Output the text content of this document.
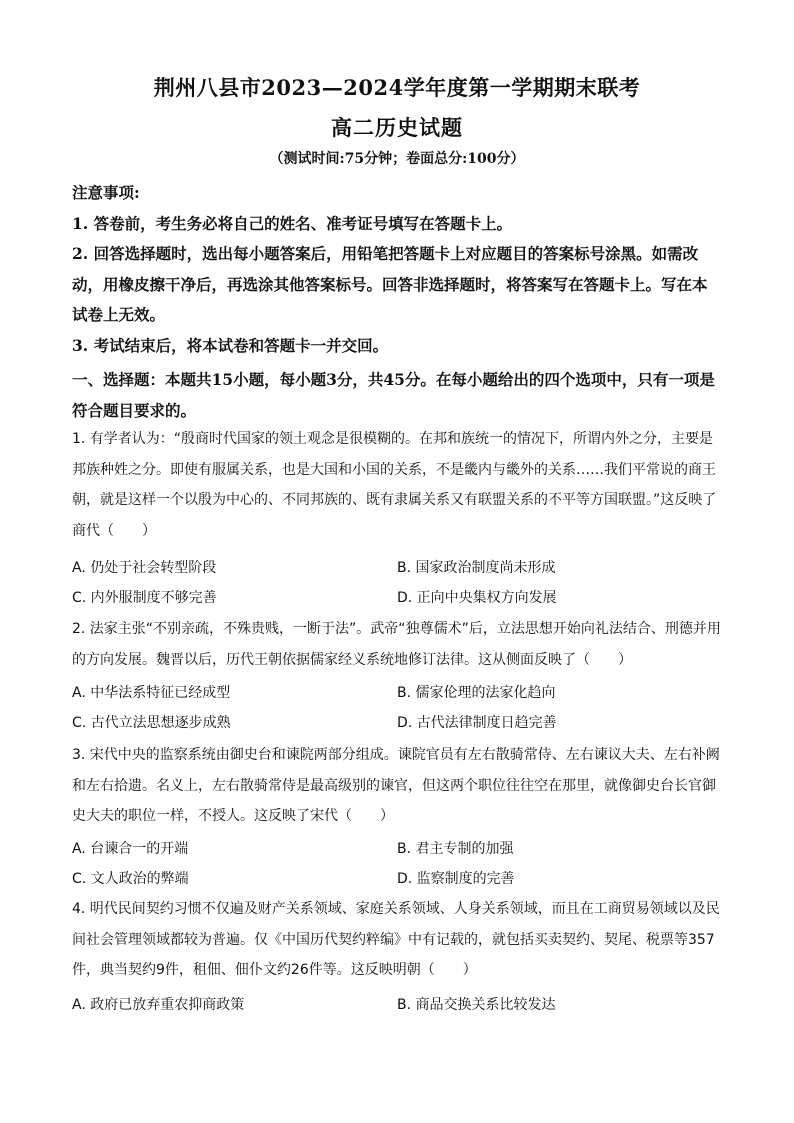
荆州八县市2023—2024学年度第一学期期末联考
高二历史试题
（测试时间:75分钟；卷面总分:100分）

注意事项:

1. 答卷前，考生务必将自己的姓名、准考证号填写在答题卡上。

2. 回答选择题时，选出每小题答案后，用铅笔把答题卡上对应题目的答案标号涂黑。如需改动，用橡皮擦干净后，再选涂其他答案标号。回答非选择题时，将答案写在答题卡上。写在本试卷上无效。

3. 考试结束后，将本试卷和答题卡一并交回。

一、选择题：本题共15小题，每小题3分，共45分。在每小题给出的四个选项中，只有一项是符合题目要求的。

1. 有学者认为：“殷商时代国家的领土观念是很模糊的。在邦和族统一的情况下，所谓内外之分，主要是邦族种姓之分。即使有服属关系，也是大国和小国的关系，不是畿内与畿外的关系……我们平常说的商王朝，就是这样一个以殷为中心的、不同邦族的、既有隶属关系又有联盟关系的不平等方国联盟。”这反映了商代（　　）

A. 仍处于社会转型阶段	B. 国家政治制度尚未形成
C. 内外服制度不够完善	D. 正向中央集权方向发展

2. 法家主张“不别亲疏，不殊贵贱，一断于法”。武帝“独尊儒术”后，立法思想开始向礼法结合、刑德并用的方向发展。魏晋以后，历代王朝依据儒家经义系统地修订法律。这从侧面反映了（　　）

A. 中华法系特征已经成型	B. 儒家伦理的法家化趋向
C. 古代立法思想逐步成熟	D. 古代法律制度日趋完善

3. 宋代中央的监察系统由御史台和谏院两部分组成。谏院官员有左右散骑常侍、左右谏议大夫、左右补阙和左右拾遗。名义上，左右散骑常侍是最高级别的谏官，但这两个职位往往空在那里，就像御史台长官御史大夫的职位一样，不授人。这反映了宋代（　　）

A. 台谏合一的开端	B. 君主专制的加强
C. 文人政治的弊端	D. 监察制度的完善

4. 明代民间契约习惯不仅遍及财产关系领域、家庭关系领域、人身关系领域，而且在工商贸易领域以及民间社会管理领域都较为普遍。仅《中国历代契约粹编》中有记载的，就包括买卖契约、契尾、税票等357件，典当契约9件，租佃、佃仆文约26件等。这反映明朝（　　）

A. 政府已放弃重农抑商政策	B. 商品交换关系比较发达
